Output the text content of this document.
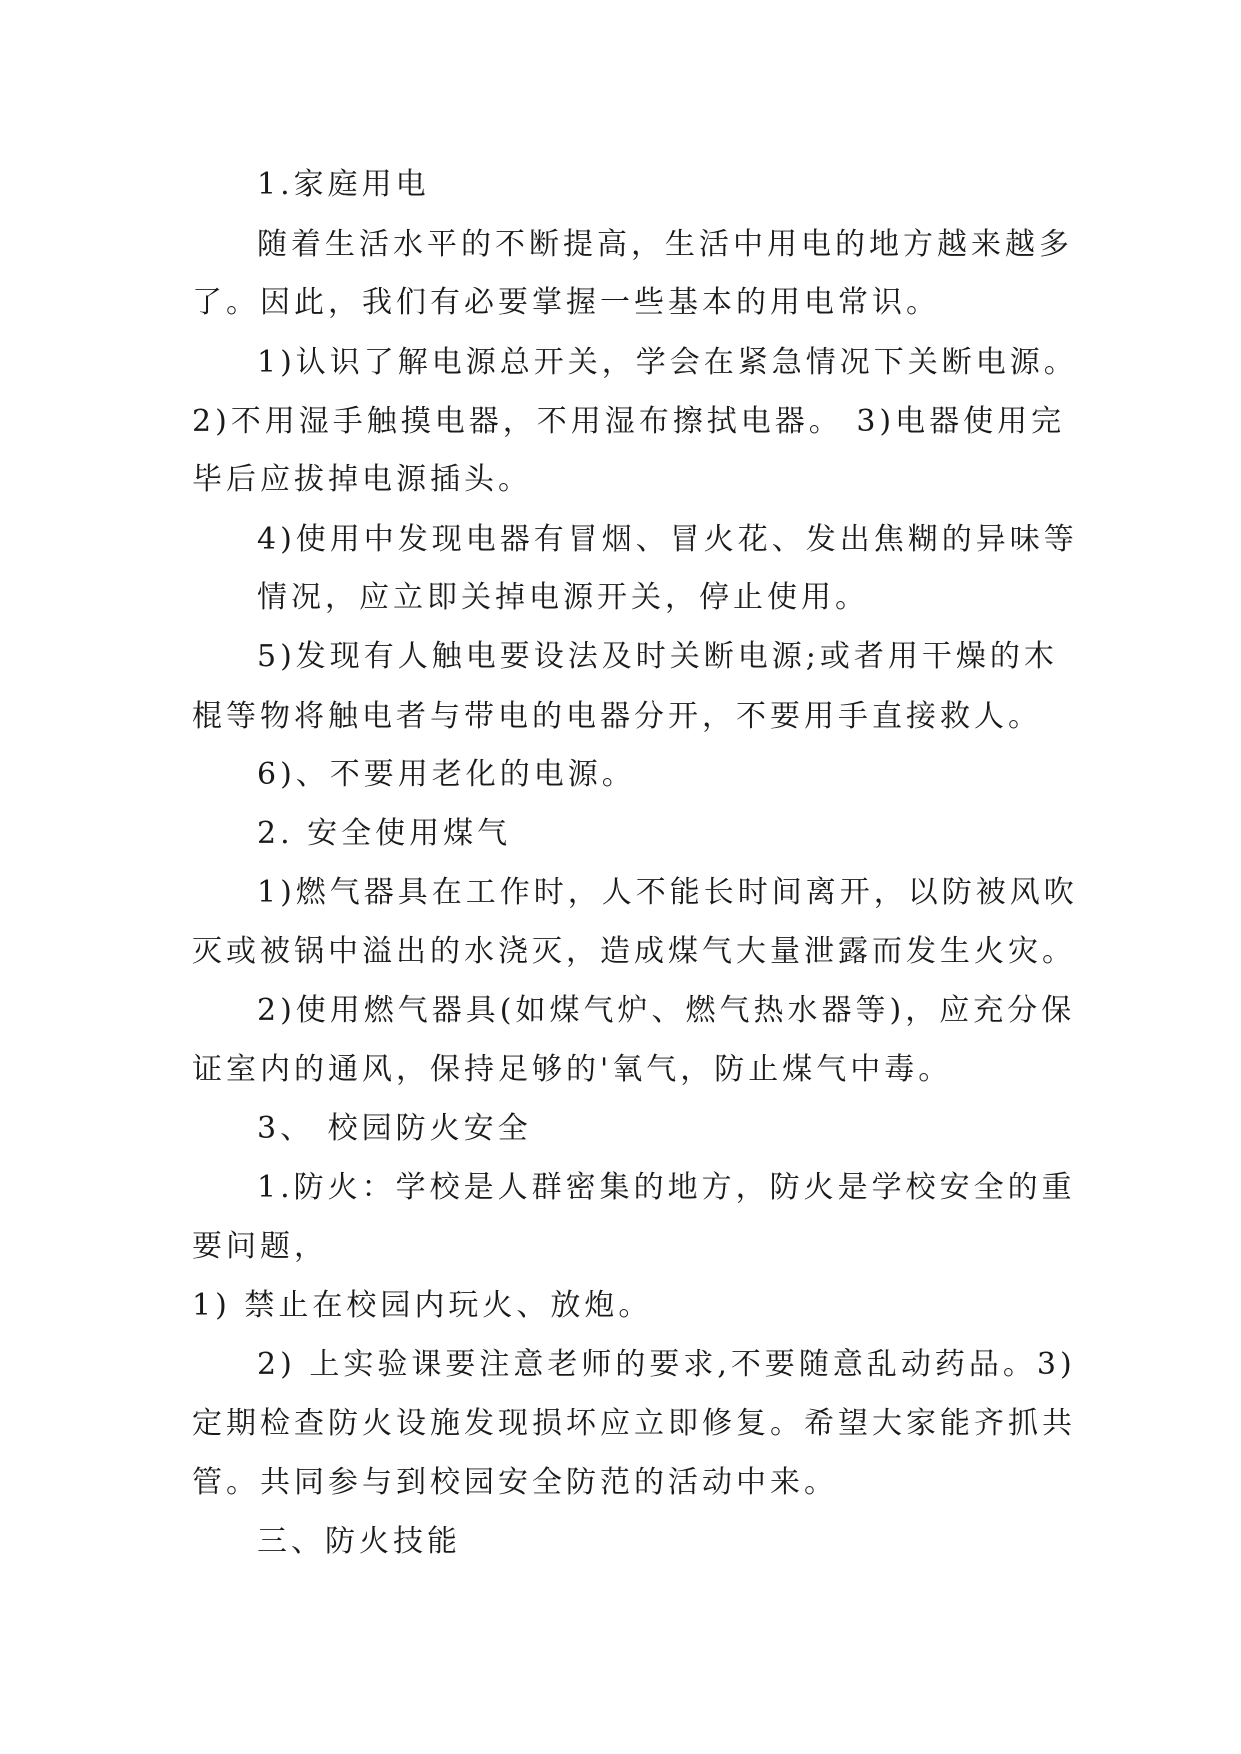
1.家庭用电

随着生活水平的不断提高，生活中用电的地方越来越多

了。因此，我们有必要掌握一些基本的用电常识。

1)认识了解电源总开关，学会在紧急情况下关断电源。

2)不用湿手触摸电器，不用湿布擦拭电器。 3)电器使用完

毕后应拔掉电源插头。

4)使用中发现电器有冒烟、冒火花、发出焦糊的异味等

情况，应立即关掉电源开关，停止使用。

5)发现有人触电要设法及时关断电源;或者用干燥的木

棍等物将触电者与带电的电器分开，不要用手直接救人。

6)、不要用老化的电源。

2. 安全使用煤气

1)燃气器具在工作时，人不能长时间离开，以防被风吹

灭或被锅中溢出的水浇灭，造成煤气大量泄露而发生火灾。

2)使用燃气器具(如煤气炉、燃气热水器等)，应充分保

证室内的通风，保持足够的'氧气，防止煤气中毒。

3、 校园防火安全

1.防火：学校是人群密集的地方，防火是学校安全的重

要问题，

1) 禁止在校园内玩火、放炮。

2) 上实验课要注意老师的要求,不要随意乱动药品。3)

定期检查防火设施发现损坏应立即修复。希望大家能齐抓共

管。共同参与到校园安全防范的活动中来。

三、防火技能
